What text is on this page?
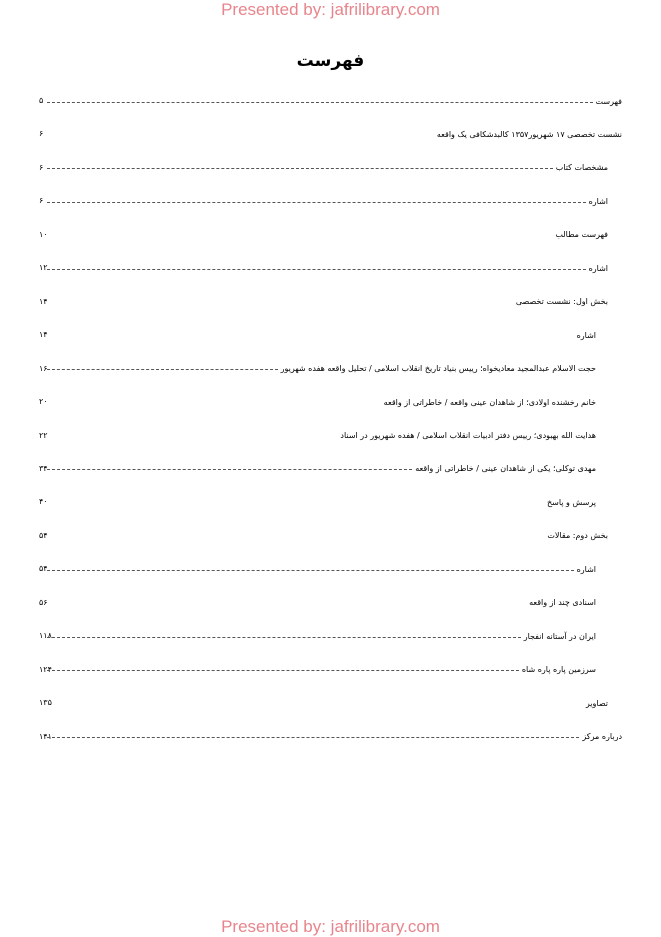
Presented by: jafrilibrary.com
فهرست
۵	فهرست
۶	نشست تخصصی ۱۷ شهریور۱۳۵۷ کالبدشکافی یک واقعه
۶	مشخصات کتاب
۶	اشاره
۱۰	فهرست مطالب
۱۲	اشاره
۱۴	بخش اول: نشست تخصصی
۱۴	اشاره
۱۶	حجت الاسلام عبدالمجید معادیخواه؛ رییس بنیاد تاریخ انقلاب اسلامی / تحلیل واقعه هفده شهریور
۲۰	خانم رخشنده اولادی؛ از شاهدان عینی واقعه / خاطراتی از واقعه
۲۲	هدایت الله بهبودی؛ رییس دفتر ادبیات انقلاب اسلامی / هفده شهریور در اسناد
۳۴	مهدی توکلی؛ یکی از شاهدان عینی / خاطراتی از واقعه
۴۰	پرسش و پاسخ
۵۴	بخش دوم: مقالات
۵۴	اشاره
۵۶	اسنادی چند از واقعه
۱۱۸	ایران در آستانه انفجار
۱۲۴	سرزمین پاره پاره شاه
۱۳۵	تصاویر
۱۴۱	درباره مرکز
Presented by: jafrilibrary.com
